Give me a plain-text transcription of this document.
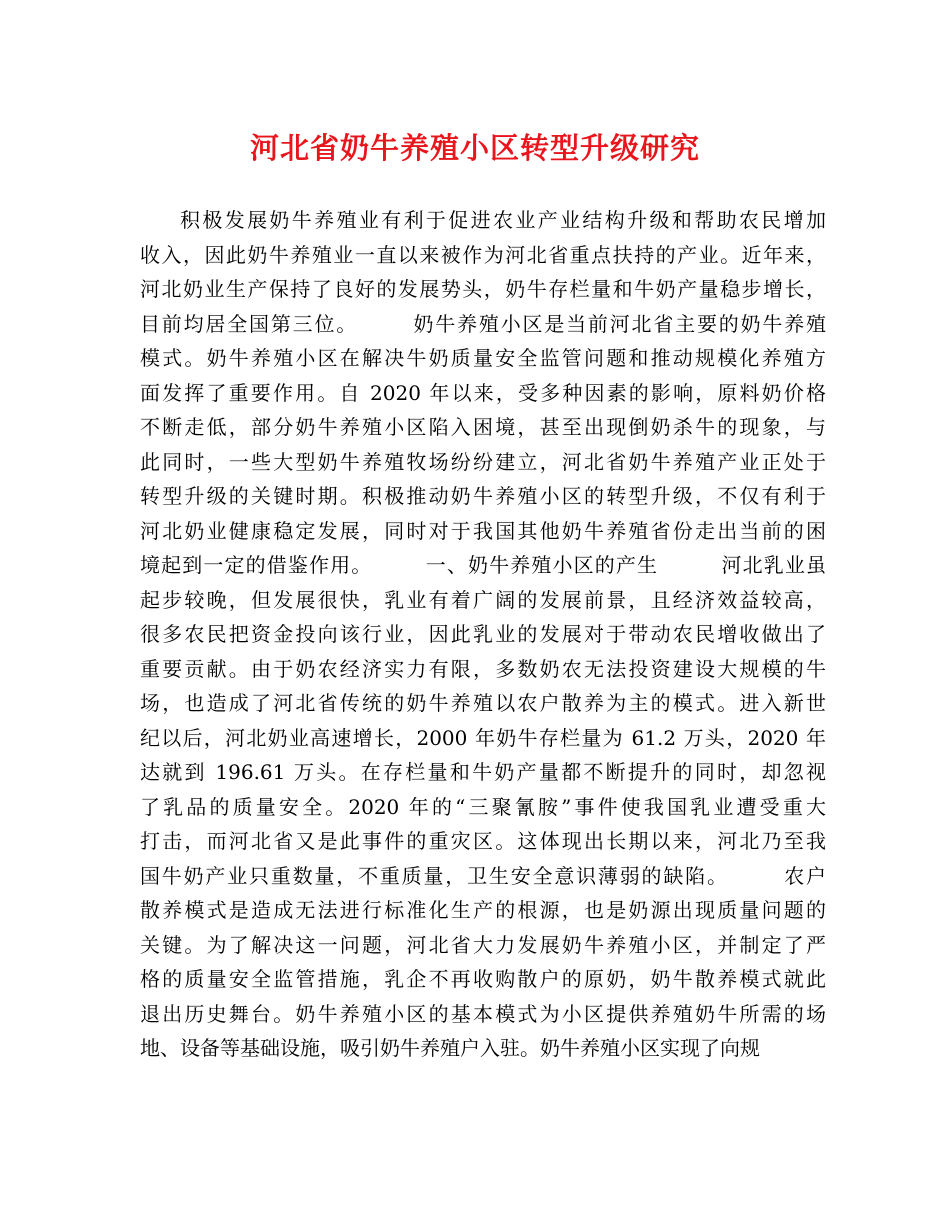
河北省奶牛养殖小区转型升级研究
积极发展奶牛养殖业有利于促进农业产业结构升级和帮助农民增加
收入，因此奶牛养殖业一直以来被作为河北省重点扶持的产业。近年来，
河北奶业生产保持了良好的发展势头，奶牛存栏量和牛奶产量稳步增长，
目前均居全国第三位。　　　奶牛养殖小区是当前河北省主要的奶牛养殖
模式。奶牛养殖小区在解决牛奶质量安全监管问题和推动规模化养殖方
面发挥了重要作用。自 2020 年以来，受多种因素的影响，原料奶价格
不断走低，部分奶牛养殖小区陷入困境，甚至出现倒奶杀牛的现象，与
此同时，一些大型奶牛养殖牧场纷纷建立，河北省奶牛养殖产业正处于
转型升级的关键时期。积极推动奶牛养殖小区的转型升级，不仅有利于
河北奶业健康稳定发展，同时对于我国其他奶牛养殖省份走出当前的困
境起到一定的借鉴作用。　　　一、奶牛养殖小区的产生　　　河北乳业虽
起步较晚，但发展很快，乳业有着广阔的发展前景，且经济效益较高，
很多农民把资金投向该行业，因此乳业的发展对于带动农民增收做出了
重要贡献。由于奶农经济实力有限，多数奶农无法投资建设大规模的牛
场，也造成了河北省传统的奶牛养殖以农户散养为主的模式。进入新世
纪以后，河北奶业高速增长，2000 年奶牛存栏量为 61.2 万头，2020 年
达就到 196.61 万头。在存栏量和牛奶产量都不断提升的同时，却忽视
了乳品的质量安全。2020 年的“三聚氰胺”事件使我国乳业遭受重大
打击，而河北省又是此事件的重灾区。这体现出长期以来，河北乃至我
国牛奶产业只重数量，不重质量，卫生安全意识薄弱的缺陷。　　　农户
散养模式是造成无法进行标准化生产的根源，也是奶源出现质量问题的
关键。为了解决这一问题，河北省大力发展奶牛养殖小区，并制定了严
格的质量安全监管措施，乳企不再收购散户的原奶，奶牛散养模式就此
退出历史舞台。奶牛养殖小区的基本模式为小区提供养殖奶牛所需的场
地、设备等基础设施，吸引奶牛养殖户入驻。奶牛养殖小区实现了向规
